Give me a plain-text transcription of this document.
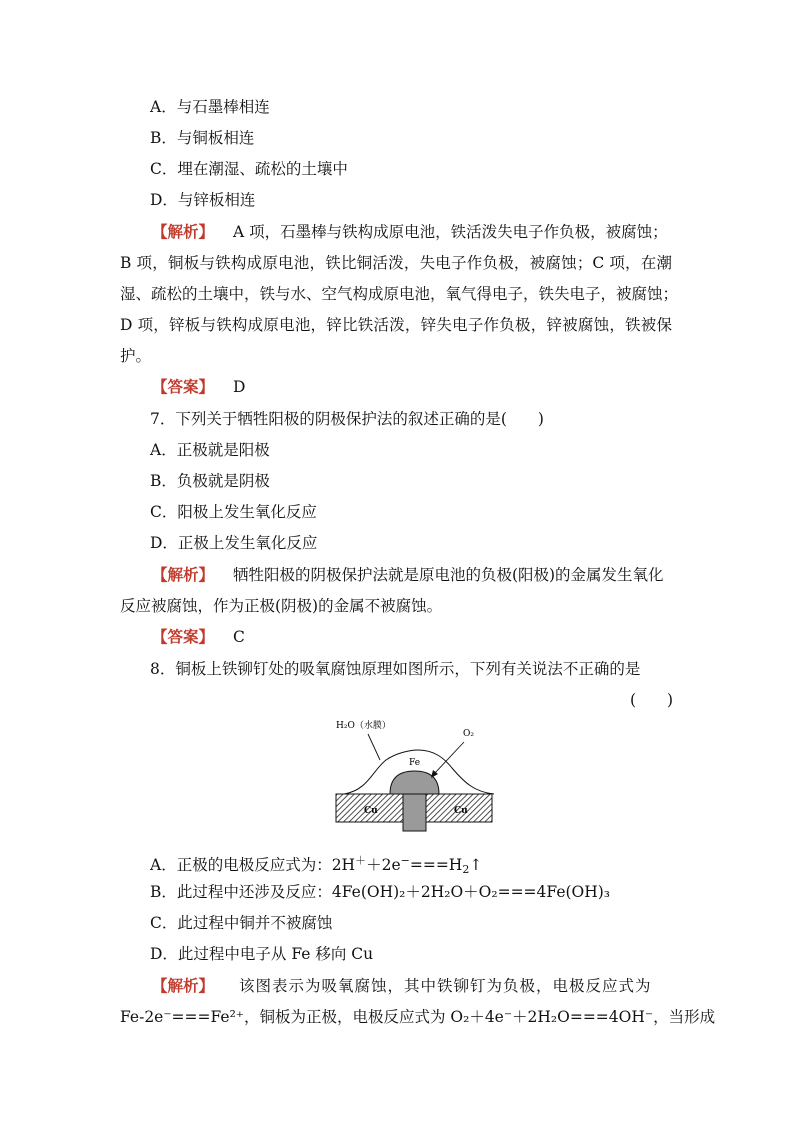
A．与石墨棒相连
B．与铜板相连
C．埋在潮湿、疏松的土壤中
D．与锌板相连
【解析】 A 项，石墨棒与铁构成原电池，铁活泼失电子作负极，被腐蚀；
B 项，铜板与铁构成原电池，铁比铜活泼，失电子作负极，被腐蚀；C 项，在潮
湿、疏松的土壤中，铁与水、空气构成原电池，氧气得电子，铁失电子，被腐蚀；
D 项，锌板与铁构成原电池，锌比铁活泼，锌失电子作负极，锌被腐蚀，铁被保
护。
【答案】 D
7．下列关于牺牲阳极的阴极保护法的叙述正确的是(　　)
A．正极就是阳极
B．负极就是阴极
C．阳极上发生氧化反应
D．正极上发生氧化反应
【解析】 牺牲阳极的阴极保护法就是原电池的负极(阳极)的金属发生氧化
反应被腐蚀，作为正极(阴极)的金属不被腐蚀。
【答案】 C
8．铜板上铁铆钉处的吸氧腐蚀原理如图所示，下列有关说法不正确的是
(　　)
H₂O（水膜）
O₂
Fe
Cu	Cu
A．正极的电极反应式为：$2H^++2e^-===H_2↑$
B．此过程中还涉及反应：4Fe(OH)₂＋2H₂O＋O₂===4Fe(OH)₃
C．此过程中铜并不被腐蚀
D．此过程中电子从 Fe 移向 Cu
【解析】 该图表示为吸氧腐蚀，其中铁铆钉为负极，电极反应式为
Fe-2e⁻===Fe²⁺，铜板为正极，电极反应式为 O₂＋4e⁻＋2H₂O===4OH⁻，当形成
